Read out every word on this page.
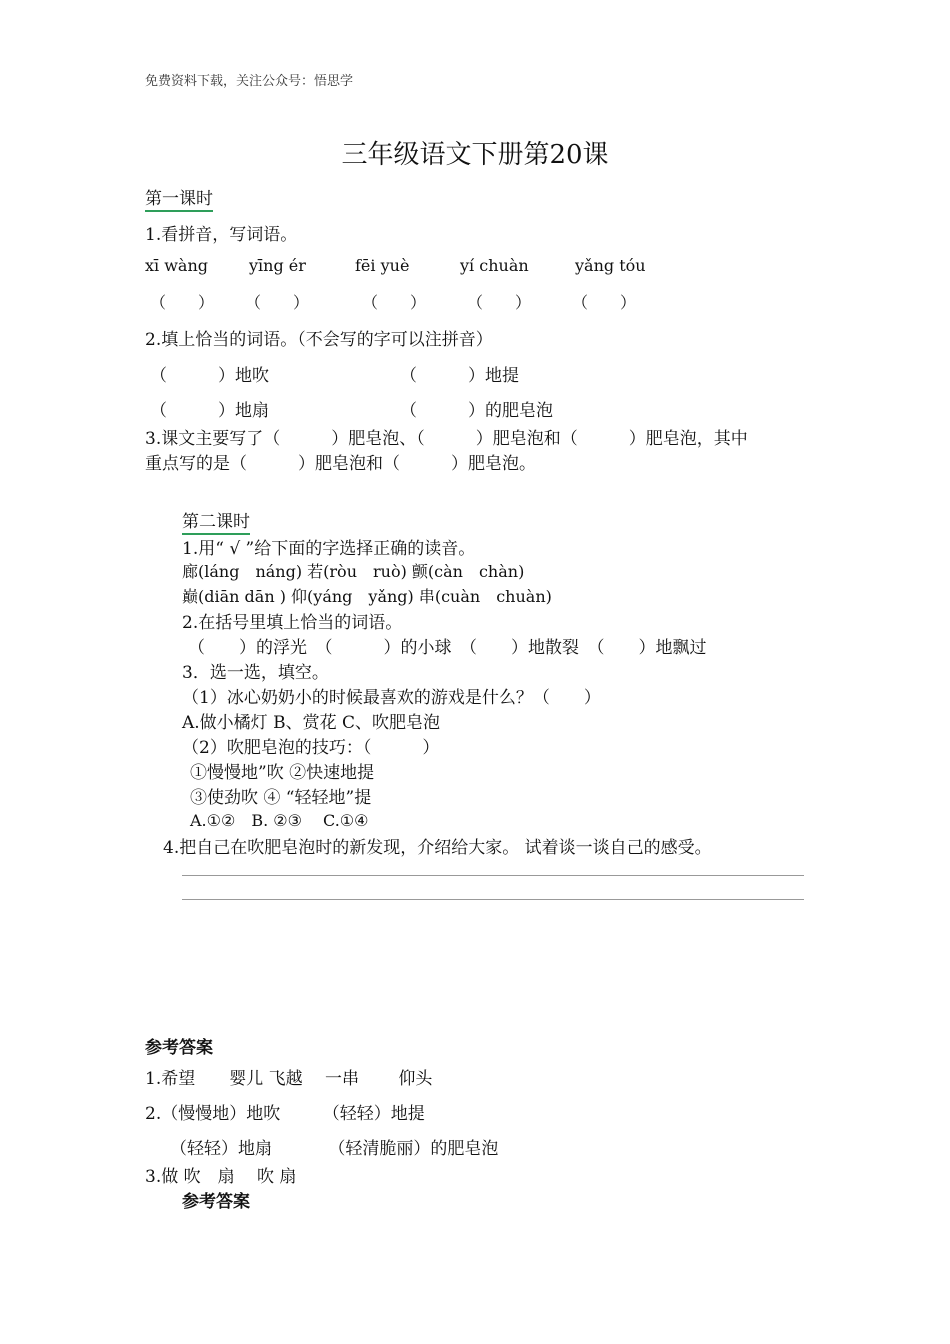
免费资料下载，关注公众号：悟思学
三年级语文下册第20课
第一课时
1.看拼音，写词语。
xī wàng	yīng ér	fēi yuè	yí chuàn	yǎng tóu
（　　） （　　）	（　　）	（　　）	（　　）
2.填上恰当的词语。（不会写的字可以注拼音）
（　　　）地吹	（　　　）地提
（　　　）地扇	（　　　）的肥皂泡
3.课文主要写了（　　　）肥皂泡、（　　　）肥皂泡和（　　　）肥皂泡，其中
重点写的是（　　　）肥皂泡和（　　　）肥皂泡。
第二课时
1.用“ √ ”给下面的字选择正确的读音。
廊(láng　náng) 若(ròu　ruò) 颤(càn　chàn)
巅(diān dān ) 仰(yáng　yǎng) 串(cuàn　chuàn)
2.在括号里填上恰当的词语。
（　　）的浮光　（　　　）的小球　（　　）地散裂　（　　）地飘过
3．选一选，填空。
（1）冰心奶奶小的时候最喜欢的游戏是什么？（　　）
A.做小橘灯 B、赏花 C、吹肥皂泡
（2）吹肥皂泡的技巧：（　　　）
①慢慢地”吹 ②快速地提
③使劲吹 ④ “轻轻地”提
A.①②　B. ②③　 C.①④
4.把自己在吹肥皂泡时的新发现，介绍给大家。 试着谈一谈自己的感受。
参考答案
1.希望　　婴儿 飞越　 一串　　 仰头
2.（慢慢地）地吹　　　（轻轻）地提
（轻轻）地扇　　　 （轻清脆丽）的肥皂泡
3.做 吹　扇　 吹 扇
参考答案
